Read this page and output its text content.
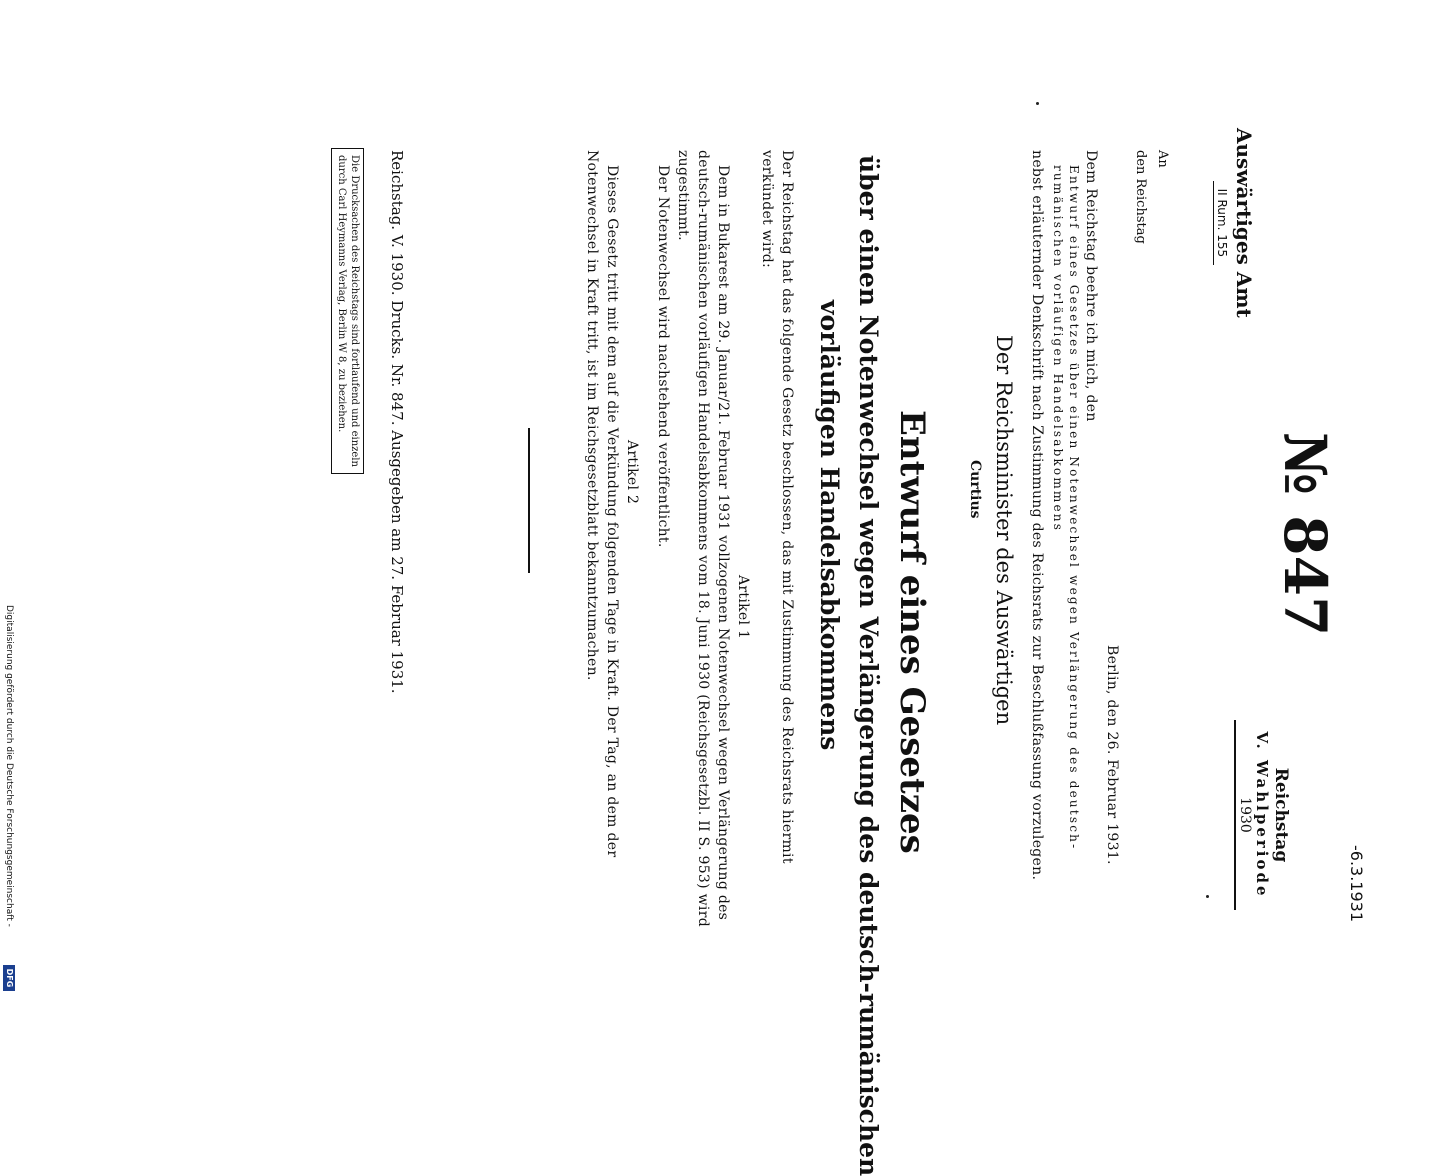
-6.3.1931
Reichstag
V. Wahlperiode
1930
№ 847
Auswärtiges Amt
II Rum. 155
An
den Reichstag
Berlin, den 26. Februar 1931.
Dem Reichstag beehre ich mich, den
Entwurf eines Gesetzes über einen Notenwechsel wegen Verlängerung des deutsch-
rumänischen vorläufigen Handelsabkommens
nebst erläuternder Denkschrift nach Zustimmung des Reichsrats zur Beschlußfassung vorzulegen.
Der Reichsminister des Auswärtigen
Curtius
Entwurf eines Gesetzes
über einen Notenwechsel wegen Verlängerung des deutsch-rumänischen
vorläufigen Handelsabkommens
Der Reichstag hat das folgende Gesetz beschlossen, das mit Zustimmung des Reichsrats hiermit
verkündet wird:
Artikel 1
Dem in Bukarest am 29. Januar/21. Februar 1931 vollzogenen Notenwechsel wegen Verlängerung des
deutsch-rumänischen vorläufigen Handelsabkommens vom 18. Juni 1930 (Reichsgesetzbl. II S. 953) wird
zugestimmt.
Der Notenwechsel wird nachstehend veröffentlicht.
Artikel 2
Dieses Gesetz tritt mit dem auf die Verkündung folgenden Tage in Kraft. Der Tag, an dem der
Notenwechsel in Kraft tritt, ist im Reichsgesetzblatt bekanntzumachen.
Reichstag. V. 1930. Drucks. Nr. 847. Ausgegeben am 27. Februar 1931.
Die Drucksachen des Reichstags sind fortlaufend und einzeln
durch Carl Heymanns Verlag, Berlin W 8, zu beziehen.
Digitalisierung gefördert durch die Deutsche Forschungsgemeinschaft -
DFG
